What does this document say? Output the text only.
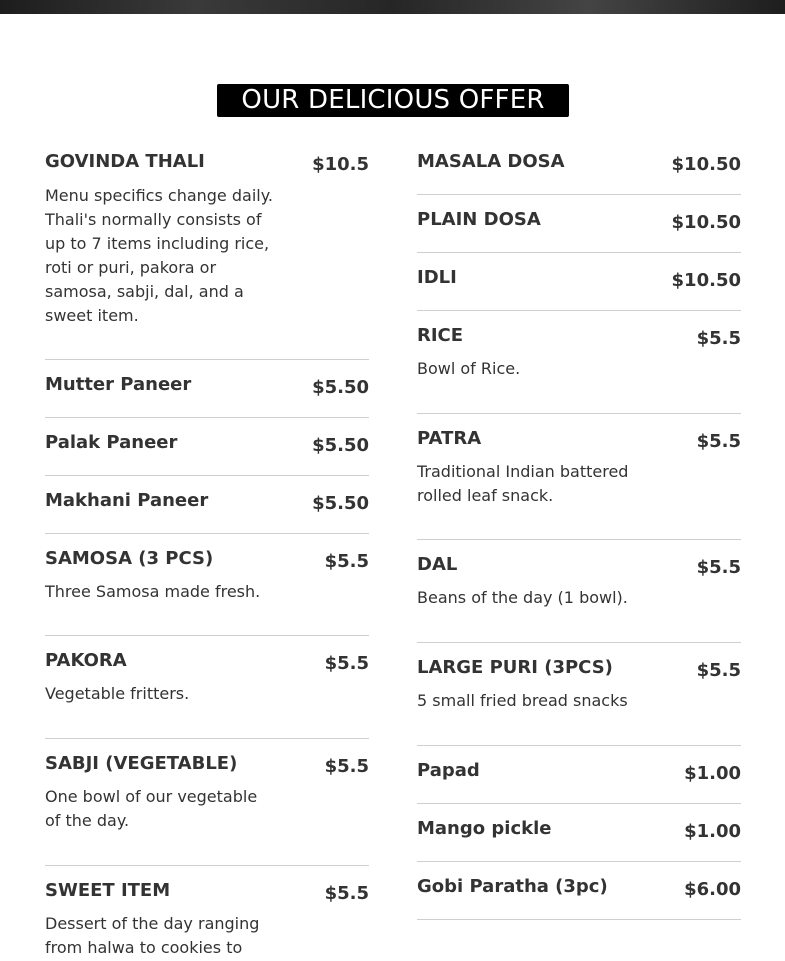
OUR DELICIOUS OFFER
GOVINDA THALI	$10.5
Menu specifics change daily. Thali's normally consists of up to 7 items including rice, roti or puri, pakora or samosa, sabji, dal, and a sweet item.
Mutter Paneer	$5.50
Palak Paneer	$5.50
Makhani Paneer	$5.50
SAMOSA (3 PCS)	$5.5
Three Samosa made fresh.
PAKORA	$5.5
Vegetable fritters.
SABJI (VEGETABLE)	$5.5
One bowl of our vegetable of the day.
SWEET ITEM	$5.5
Dessert of the day ranging from halwa to cookies to
MASALA DOSA	$10.50
PLAIN DOSA	$10.50
IDLI	$10.50
RICE	$5.5
Bowl of Rice.
PATRA	$5.5
Traditional Indian battered rolled leaf snack.
DAL	$5.5
Beans of the day (1 bowl).
LARGE PURI (3PCS)	$5.5
5 small fried bread snacks
Papad	$1.00
Mango pickle	$1.00
Gobi Paratha (3pc)	$6.00
